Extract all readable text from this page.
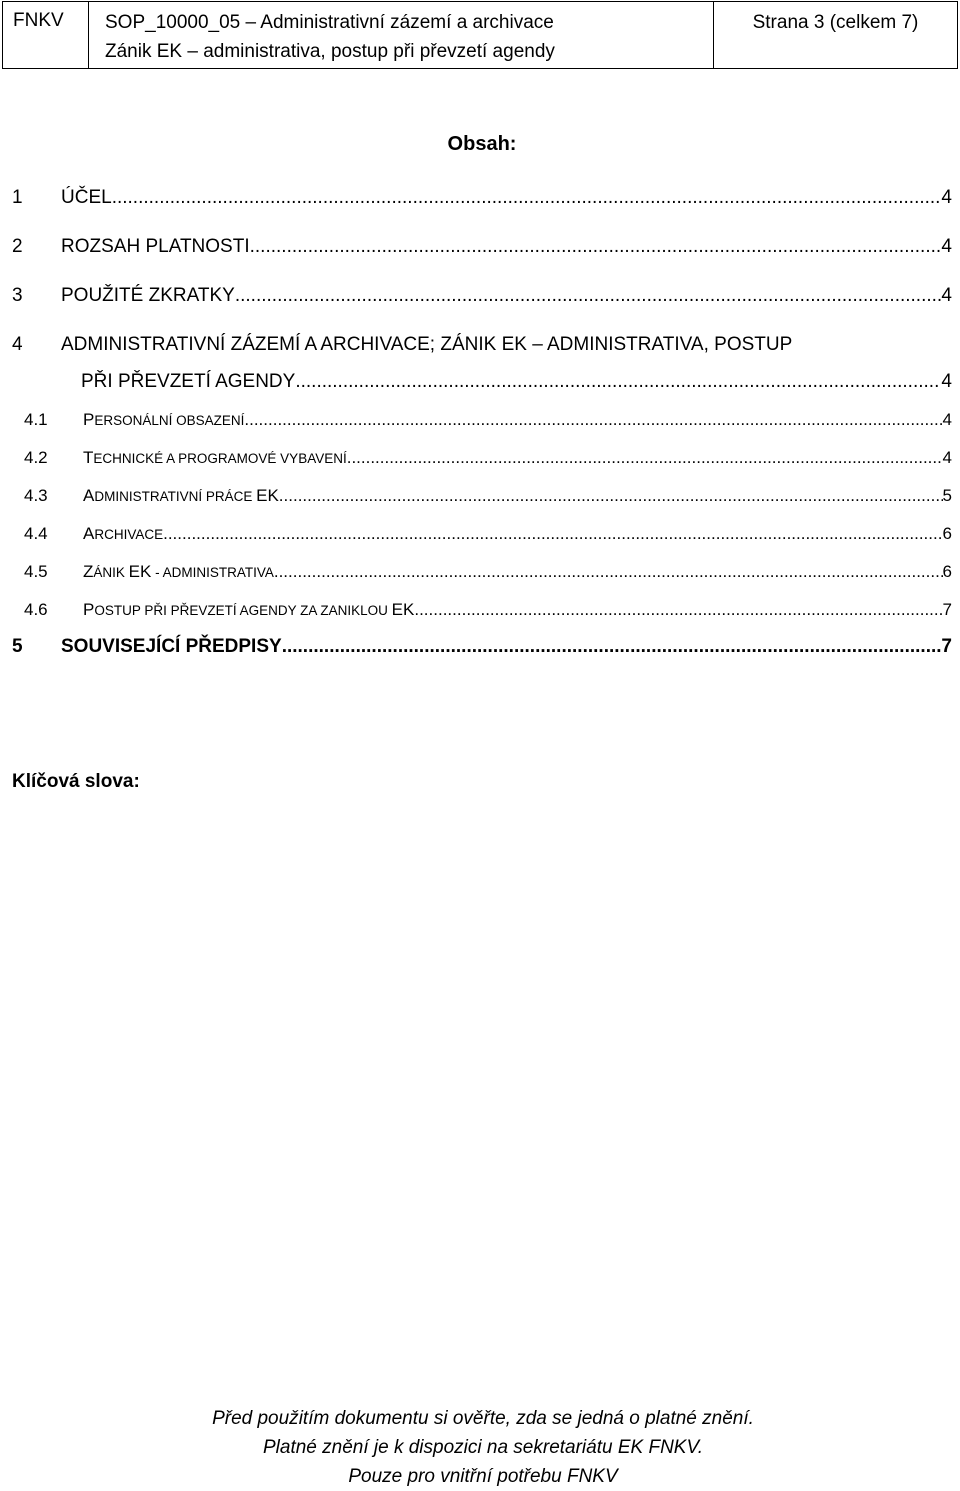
FNKV	SOP_10000_05 – Administrativní zázemí a archivace
Zánik EK – administrativa, postup při převzetí agendy
Strana 3 (celkem 7)
Obsah:
1	ÚČEL .....	4
2	ROZSAH PLATNOSTI .....	4
3	POUŽITÉ ZKRATKY .....	4
4	ADMINISTRATIVNÍ ZÁZEMÍ A ARCHIVACE; ZÁNIK EK – ADMINISTRATIVA, POSTUP
PŘI PŘEVZETÍ AGENDY .....	4
4.1	PERSONÁLNÍ OBSAZENÍ .....	4
4.2	TECHNICKÉ A PROGRAMOVÉ VYBAVENÍ .....	4
4.3	ADMINISTRATIVNÍ PRÁCE EK .....	5
4.4	ARCHIVACE .....	6
4.5	ZÁNIK EK - ADMINISTRATIVA .....	6
4.6	POSTUP PŘI PŘEVZETÍ AGENDY ZA ZANIKLOU EK .....	7
5	SOUVISEJÍCÍ PŘEDPISY .....	7
Klíčová slova:
Před použitím dokumentu si ověřte, zda se jedná o platné znění.
Platné znění je k dispozici na sekretariátu EK FNKV.
Pouze pro vnitřní potřebu FNKV
